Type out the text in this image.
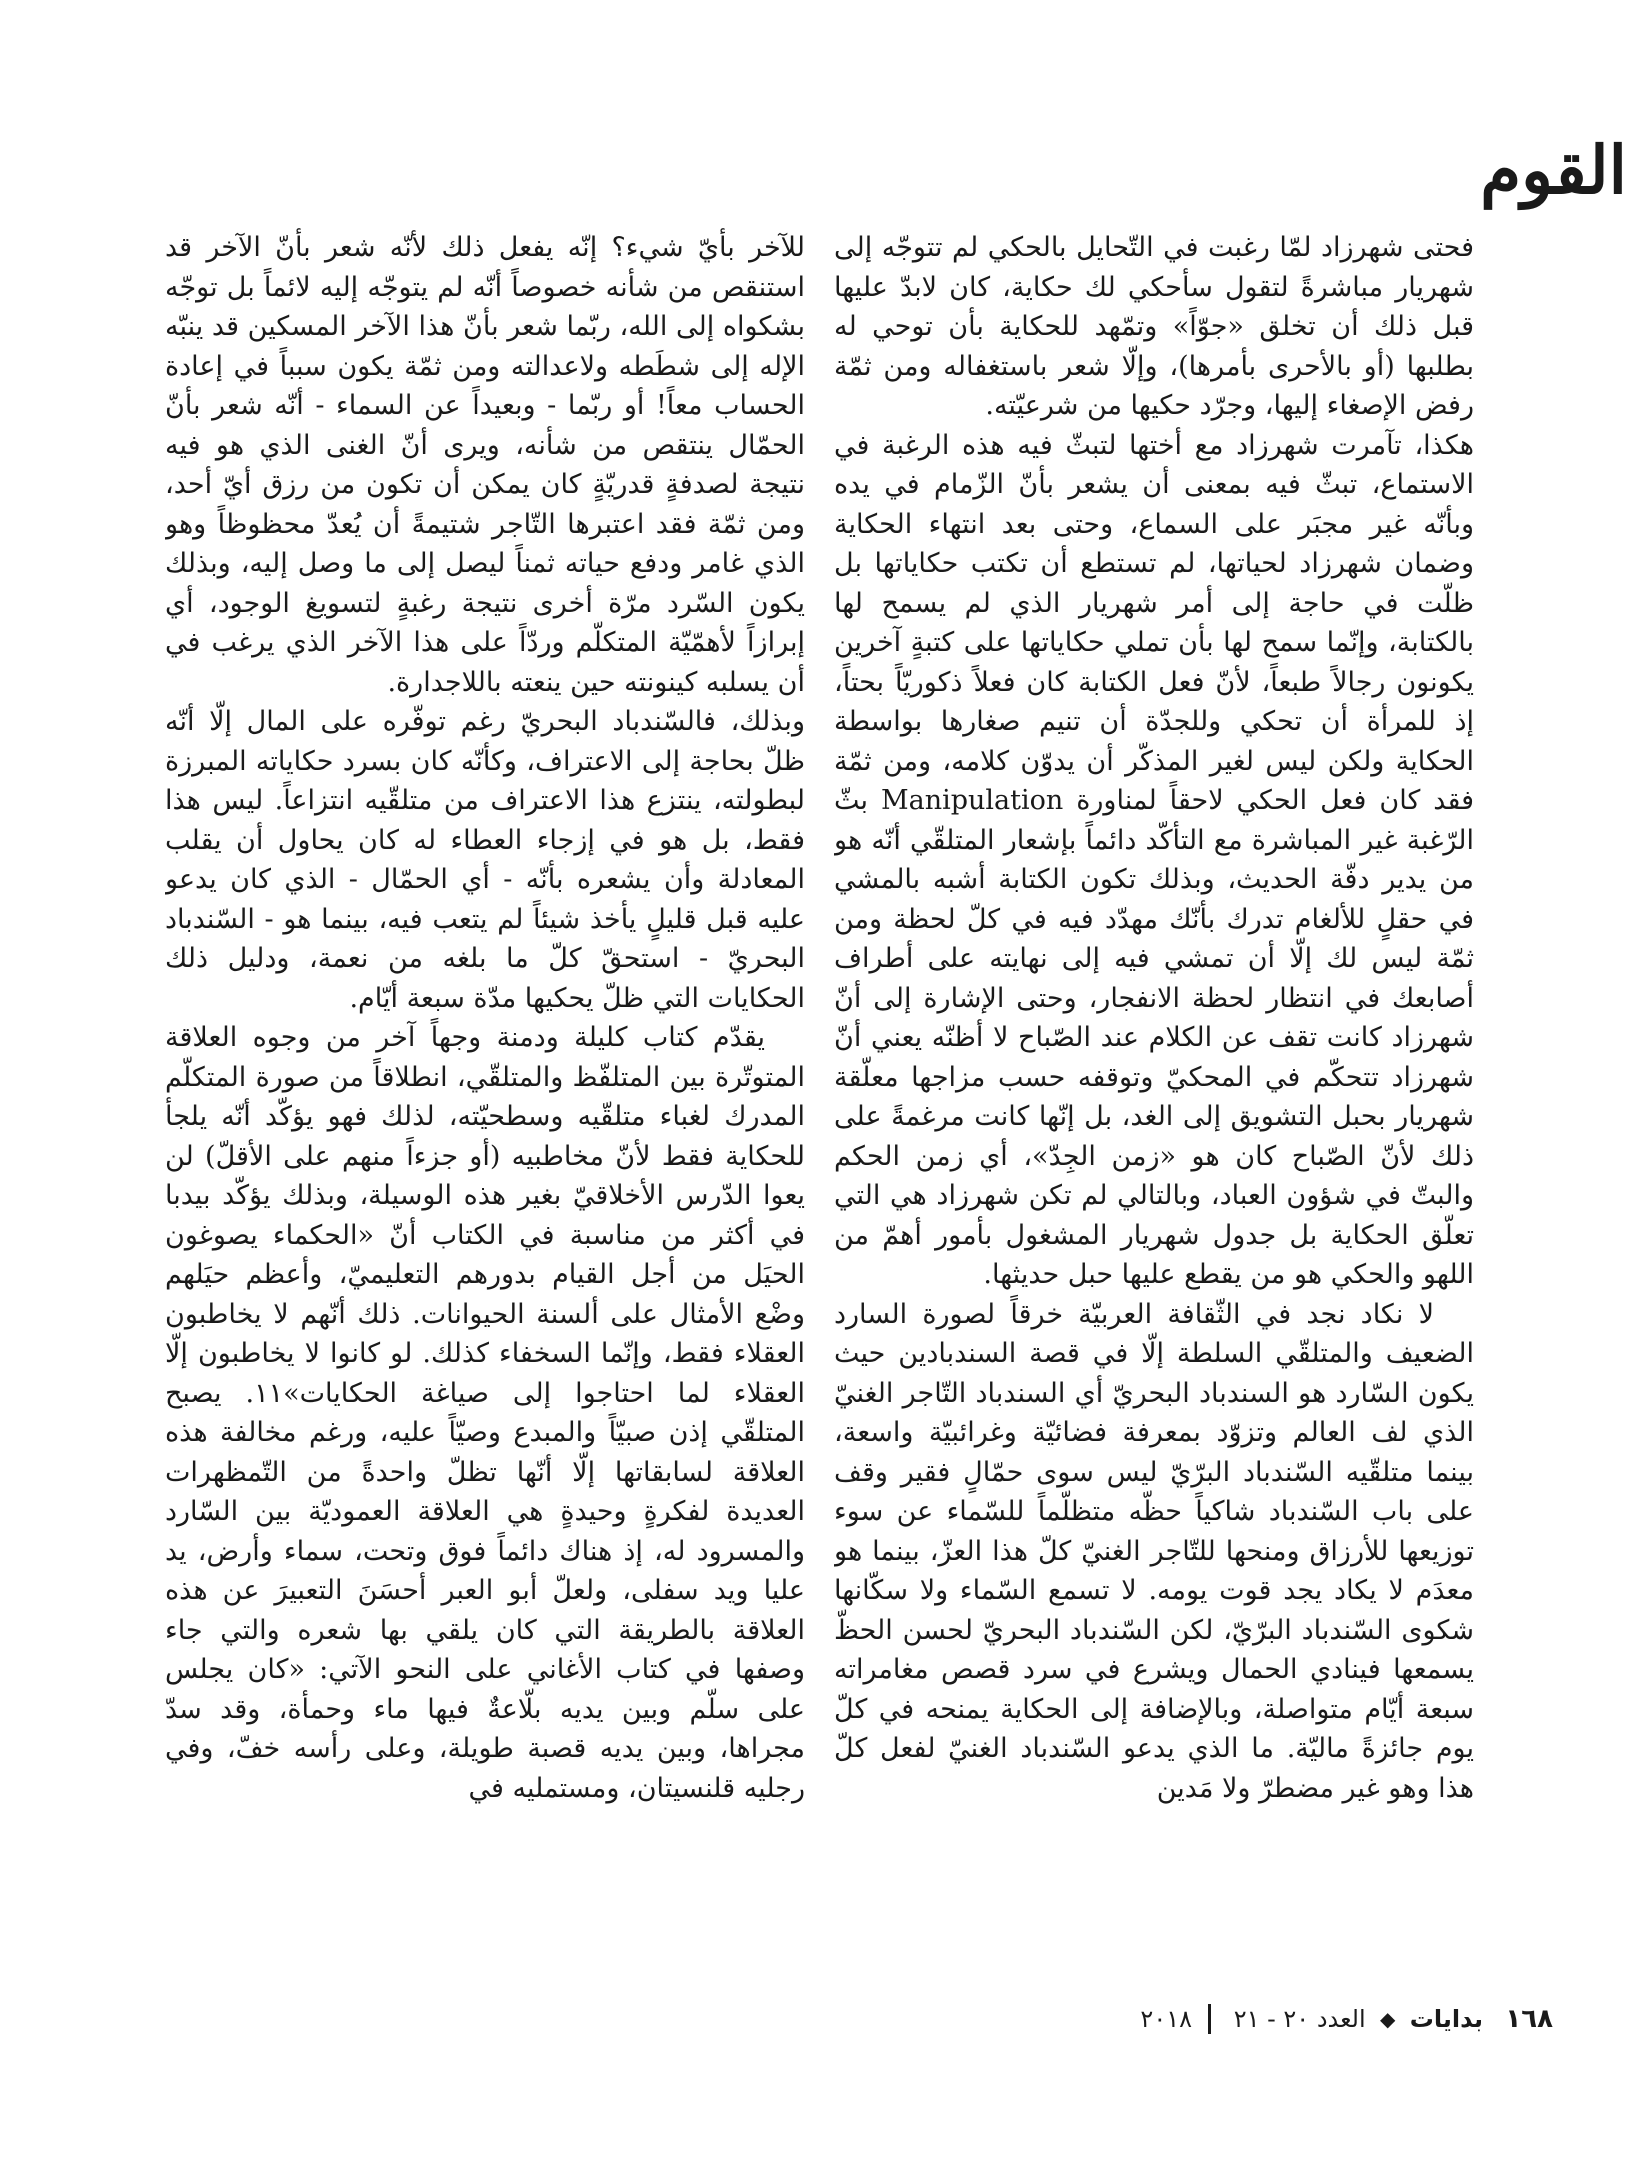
القوم

فحتى شهرزاد لمّا رغبت في التّحايل بالحكي لم تتوجّه إلى شهريار مباشرةً لتقول سأحكي لك حكاية، كان لابدّ عليها قبل ذلك أن تخلق «جوّاً» وتمّهد للحكاية بأن توحي له بطلبها (أو بالأحرى بأمرها)، وإلّا شعر باستغفاله ومن ثمّة رفض الإصغاء إليها، وجرّد حكيها من شرعيّته.

هكذا، تآمرت شهرزاد مع أختها لتبثّ فيه هذه الرغبة في الاستماع، تبثّ فيه بمعنى أن يشعر بأنّ الزّمام في يده وبأنّه غير مجبَر على السماع، وحتى بعد انتهاء الحكاية وضمان شهرزاد لحياتها، لم تستطع أن تكتب حكاياتها بل ظلّت في حاجة إلى أمر شهريار الذي لم يسمح لها بالكتابة، وإنّما سمح لها بأن تملي حكاياتها على كتبةٍ آخرين يكونون رجالاً طبعاً، لأنّ فعل الكتابة كان فعلاً ذكوريّاً بحتاً، إذ للمرأة أن تحكي وللجدّة أن تنيم صغارها بواسطة الحكاية ولكن ليس لغير المذكّر أن يدوّن كلامه، ومن ثمّة فقد كان فعل الحكي لاحقاً لمناورة Manipulation بثّ الرّغبة غير المباشرة مع التأكّد دائماً بإشعار المتلقّي أنّه هو من يدير دفّة الحديث، وبذلك تكون الكتابة أشبه بالمشي في حقلٍ للألغام تدرك بأنّك مهدّد فيه في كلّ لحظة ومن ثمّة ليس لك إلّا أن تمشي فيه إلى نهايته على أطراف أصابعك في انتظار لحظة الانفجار، وحتى الإشارة إلى أنّ شهرزاد كانت تقف عن الكلام عند الصّباح لا أظنّه يعني أنّ شهرزاد تتحكّم في المحكيّ وتوقفه حسب مزاجها معلّقة شهريار بحبل التشويق إلى الغد، بل إنّها كانت مرغمةً على ذلك لأنّ الصّباح كان هو «زمن الجِدّ»، أي زمن الحكم والبتّ في شؤون العباد، وبالتالي لم تكن شهرزاد هي التي تعلّق الحكاية بل جدول شهريار المشغول بأمور أهمّ من اللهو والحكي هو من يقطع عليها حبل حديثها.

لا نكاد نجد في الثّقافة العربيّة خرقاً لصورة السارد الضعيف والمتلقّي السلطة إلّا في قصة السندبادين حيث يكون السّارد هو السندباد البحريّ أي السندباد التّاجر الغنيّ الذي لف العالم وتزوّد بمعرفة فضائيّة وغرائبيّة واسعة، بينما متلقّيه السّندباد البرّيّ ليس سوى حمّالٍ فقير وقف على باب السّندباد شاكياً حظّه متظلّماً للسّماء عن سوء توزيعها للأرزاق ومنحها للتّاجر الغنيّ كلّ هذا العزّ، بينما هو معدَم لا يكاد يجد قوت يومه. لا تسمع السّماء ولا سكّانها شكوى السّندباد البرّيّ، لكن السّندباد البحريّ لحسن الحظّ يسمعها فينادي الحمال ويشرع في سرد قصص مغامراته سبعة أيّام متواصلة، وبالإضافة إلى الحكاية يمنحه في كلّ يوم جائزةً ماليّة. ما الذي يدعو السّندباد الغنيّ لفعل كلّ هذا وهو غير مضطرّ ولا مَدين

للآخر بأيّ شيء؟ إنّه يفعل ذلك لأنّه شعر بأنّ الآخر قد استنقص من شأنه خصوصاً أنّه لم يتوجّه إليه لائماً بل توجّه بشكواه إلى الله، ربّما شعر بأنّ هذا الآخر المسكين قد ينبّه الإله إلى شطَطه ولاعدالته ومن ثمّة يكون سبباً في إعادة الحساب معاً! أو ربّما - وبعيداً عن السماء - أنّه شعر بأنّ الحمّال ينتقص من شأنه، ويرى أنّ الغنى الذي هو فيه نتيجة لصدفةٍ قدريّةٍ كان يمكن أن تكون من رزق أيّ أحد، ومن ثمّة فقد اعتبرها التّاجر شتيمةً أن يُعدّ محظوظاً وهو الذي غامر ودفع حياته ثمناً ليصل إلى ما وصل إليه، وبذلك يكون السّرد مرّة أخرى نتيجة رغبةٍ لتسويغ الوجود، أي إبرازاً لأهمّيّة المتكلّم وردّاً على هذا الآخر الذي يرغب في أن يسلبه كينونته حين ينعته باللاجدارة.

وبذلك، فالسّندباد البحريّ رغم توفّره على المال إلّا أنّه ظلّ بحاجة إلى الاعتراف، وكأنّه كان بسرد حكاياته المبرزة لبطولته، ينتزع هذا الاعتراف من متلقّيه انتزاعاً. ليس هذا فقط، بل هو في إزجاء العطاء له كان يحاول أن يقلب المعادلة وأن يشعره بأنّه - أي الحمّال - الذي كان يدعو عليه قبل قليلٍ يأخذ شيئاً لم يتعب فيه، بينما هو - السّندباد البحريّ - استحقّ كلّ ما بلغه من نعمة، ودليل ذلك الحكايات التي ظلّ يحكيها مدّة سبعة أيّام.

يقدّم كتاب كليلة ودمنة وجهاً آخر من وجوه العلاقة المتوتّرة بين المتلفّظ والمتلقّي، انطلاقاً من صورة المتكلّم المدرك لغباء متلقّيه وسطحيّته، لذلك فهو يؤكّد أنّه يلجأ للحكاية فقط لأنّ مخاطبيه (أو جزءاً منهم على الأقلّ) لن يعوا الدّرس الأخلاقيّ بغير هذه الوسيلة، وبذلك يؤكّد بيدبا في أكثر من مناسبة في الكتاب أنّ «الحكماء يصوغون الحيَل من أجل القيام بدورهم التعليميّ، وأعظم حيَلهم وضْع الأمثال على ألسنة الحيوانات. ذلك أنّهم لا يخاطبون العقلاء فقط، وإنّما السخفاء كذلك. لو كانوا لا يخاطبون إلّا العقلاء لما احتاجوا إلى صياغة الحكايات»١١. يصبح المتلقّي إذن صبيّاً والمبدع وصيّاً عليه، ورغم مخالفة هذه العلاقة لسابقاتها إلّا أنّها تظلّ واحدةً من التّمظهرات العديدة لفكرةٍ وحيدةٍ هي العلاقة العموديّة بين السّارد والمسرود له، إذ هناك دائماً فوق وتحت، سماء وأرض، يد عليا ويد سفلى، ولعلّ أبو العبر أحسَنَ التعبيرَ عن هذه العلاقة بالطريقة التي كان يلقي بها شعره والتي جاء وصفها في كتاب الأغاني على النحو الآتي: «كان يجلس على سلّم وبين يديه بلّاعةٌ فيها ماء وحمأة، وقد سدّ مجراها، وبين يديه قصبة طويلة، وعلى رأسه خفّ، وفي رجليه قلنسيتان، ومستمليه في

١٦٨ بدايات ◆ العدد ٢٠ - ٢١  ٢٠١٨
